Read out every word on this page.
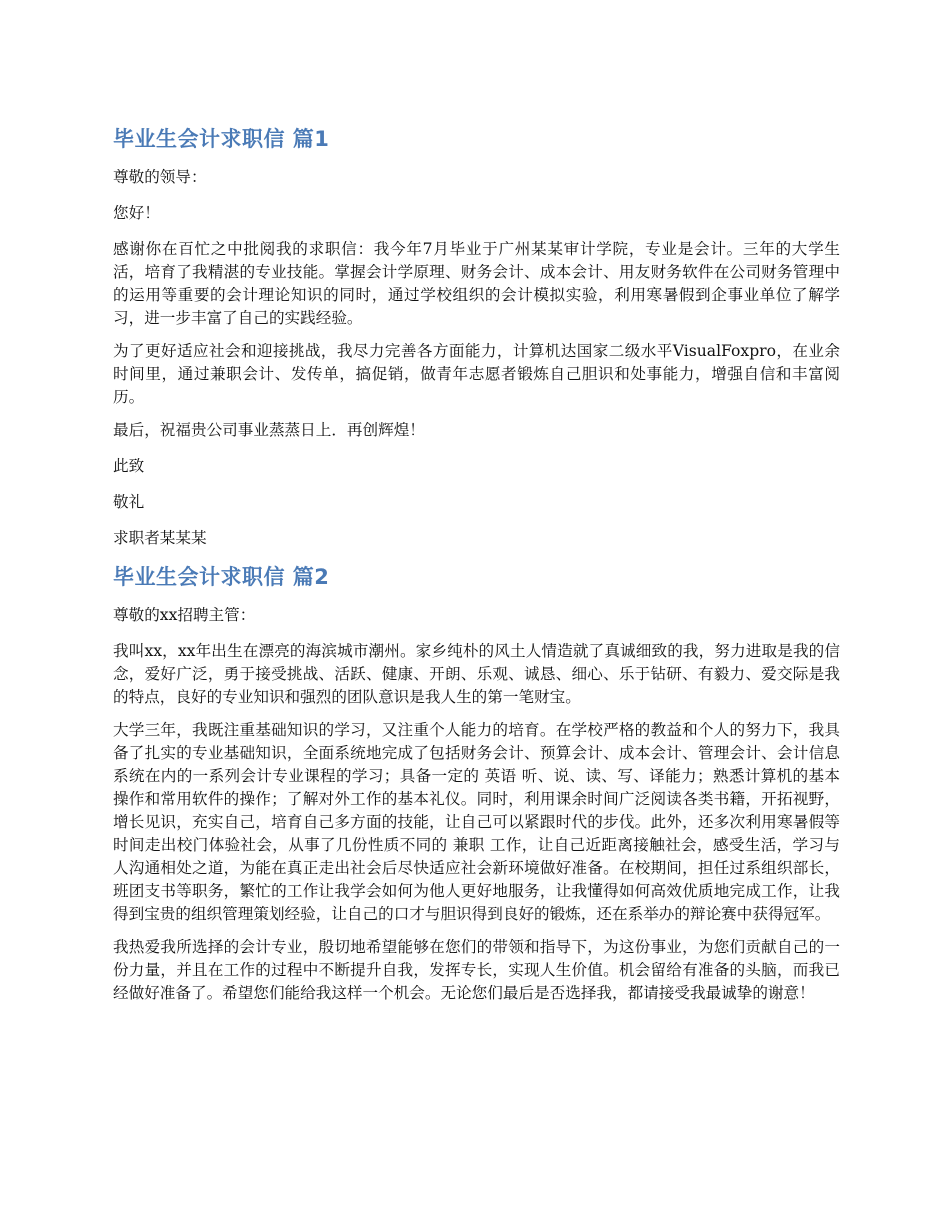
毕业生会计求职信 篇1

尊敬的领导：

您好！

感谢你在百忙之中批阅我的求职信：我今年7月毕业于广州某某审计学院，专业是会计。三年的大学生活，培育了我精湛的专业技能。掌握会计学原理、财务会计、成本会计、用友财务软件在公司财务管理中的运用等重要的会计理论知识的同时，通过学校组织的会计模拟实验，利用寒暑假到企事业单位了解学习，进一步丰富了自己的实践经验。

为了更好适应社会和迎接挑战，我尽力完善各方面能力，计算机达国家二级水平VisualFoxpro，在业余时间里，通过兼职会计、发传单，搞促销，做青年志愿者锻炼自己胆识和处事能力，增强自信和丰富阅历。

最后，祝福贵公司事业蒸蒸日上．再创辉煌！

此致

敬礼

求职者某某某

毕业生会计求职信 篇2

尊敬的xx招聘主管：

我叫xx，xx年出生在漂亮的海滨城市潮州。家乡纯朴的风土人情造就了真诚细致的我，努力进取是我的信念，爱好广泛，勇于接受挑战、活跃、健康、开朗、乐观、诚恳、细心、乐于钻研、有毅力、爱交际是我的特点，良好的专业知识和强烈的团队意识是我人生的第一笔财宝。

大学三年，我既注重基础知识的学习，又注重个人能力的培育。在学校严格的教益和个人的努力下，我具备了扎实的专业基础知识，全面系统地完成了包括财务会计、预算会计、成本会计、管理会计、会计信息系统在内的一系列会计专业课程的学习；具备一定的 英语 听、说、读、写、译能力；熟悉计算机的基本操作和常用软件的操作；了解对外工作的基本礼仪。同时，利用课余时间广泛阅读各类书籍，开拓视野，增长见识，充实自己，培育自己多方面的技能，让自己可以紧跟时代的步伐。此外，还多次利用寒暑假等时间走出校门体验社会，从事了几份性质不同的 兼职 工作，让自己近距离接触社会，感受生活，学习与人沟通相处之道，为能在真正走出社会后尽快适应社会新环境做好准备。在校期间，担任过系组织部长，班团支书等职务，繁忙的工作让我学会如何为他人更好地服务，让我懂得如何高效优质地完成工作，让我得到宝贵的组织管理策划经验，让自己的口才与胆识得到良好的锻炼，还在系举办的辩论赛中获得冠军。

我热爱我所选择的会计专业，殷切地希望能够在您们的带领和指导下，为这份事业，为您们贡献自己的一份力量，并且在工作的过程中不断提升自我，发挥专长，实现人生价值。机会留给有准备的头脑，而我已经做好准备了。希望您们能给我这样一个机会。无论您们最后是否选择我，都请接受我最诚挚的谢意！
